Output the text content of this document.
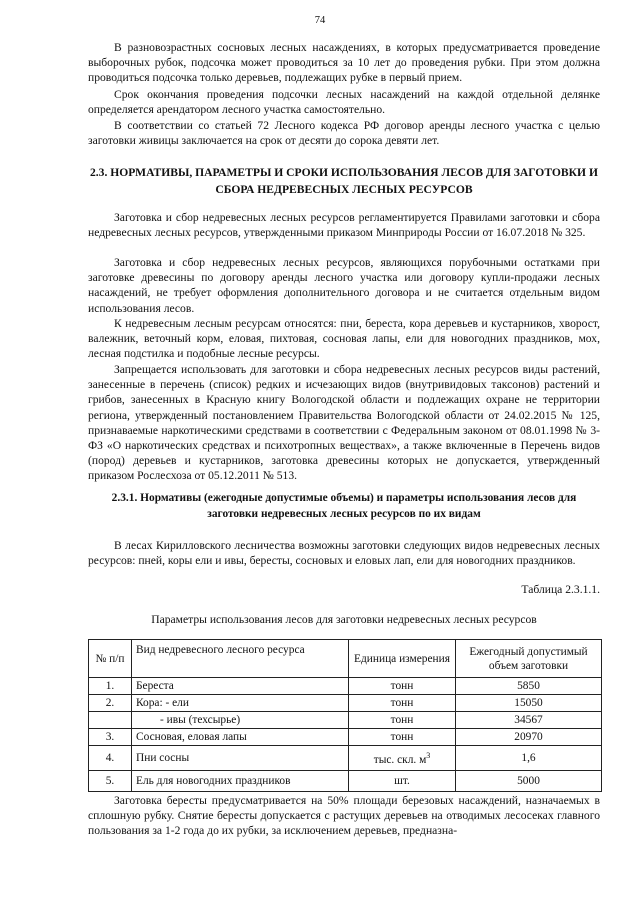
74

В разновозрастных сосновых лесных насаждениях, в которых предусматривается проведение выборочных рубок, подсочка может проводиться за 10 лет до проведения рубки. При этом должна проводиться подсочка только деревьев, подлежащих рубке в первый прием.

Срок окончания проведения подсочки лесных насаждений на каждой отдельной делянке определяется арендатором лесного участка самостоятельно.

В соответствии со статьей 72 Лесного кодекса РФ договор аренды лесного участка с целью заготовки живицы заключается на срок от десяти до сорока девяти лет.

2.3. НОРМАТИВЫ, ПАРАМЕТРЫ И СРОКИ ИСПОЛЬЗОВАНИЯ ЛЕСОВ ДЛЯ ЗАГОТОВКИ И СБОРА НЕДРЕВЕСНЫХ ЛЕСНЫХ РЕСУРСОВ

Заготовка и сбор недревесных лесных ресурсов регламентируется Правилами заготовки и сбора недревесных лесных ресурсов, утвержденными приказом Минприроды России от 16.07.2018 № 325.

Заготовка и сбор недревесных лесных ресурсов, являющихся порубочными остатками при заготовке древесины по договору аренды лесного участка или договору купли-продажи лесных насаждений, не требует оформления дополнительного договора и не считается отдельным видом использования лесов.

К недревесным лесным ресурсам относятся: пни, береста, кора деревьев и кустарников, хворост, валежник, веточный корм, еловая, пихтовая, сосновая лапы, ели для новогодних праздников, мох, лесная подстилка и подобные лесные ресурсы.

Запрещается использовать для заготовки и сбора недревесных лесных ресурсов виды растений, занесенные в перечень (список) редких и исчезающих видов (внутривидовых таксонов) растений и грибов, занесенных в Красную книгу Вологодской области и подлежащих охране не территории региона, утвержденный постановлением Правительства Вологодской области от 24.02.2015 № 125, признаваемые наркотическими средствами в соответствии с Федеральным законом от 08.01.1998 № 3-ФЗ «О наркотических средствах и психотропных веществах», а также включенные в Перечень видов (пород) деревьев и кустарников, заготовка древесины которых не допускается, утвержденный приказом Рослесхоза от 05.12.2011 № 513.

2.3.1. Нормативы (ежегодные допустимые объемы) и параметры использования лесов для заготовки недревесных лесных ресурсов по их видам

В лесах Кирилловского лесничества возможны заготовки следующих видов недревесных лесных ресурсов: пней, коры ели и ивы, бересты, сосновых и еловых лап, ели для новогодних праздников.

Таблица 2.3.1.1.
Параметры использования лесов для заготовки недревесных лесных ресурсов
№ п/п	Вид недревесного лесного ресурса	Единица измерения	Ежегодный допустимый объем заготовки
1.	Береста	тонн	5850
2.	Кора: - ели	тонн	15050
	- ивы (техсырье)	тонн	34567
3.	Сосновая, еловая лапы	тонн	20970
4.	Пни сосны	тыс. скл. $м^3$	1,6
5.	Ель для новогодних праздников	шт.	5000

Заготовка бересты предусматривается на 50% площади березовых насаждений, назначаемых в сплошную рубку. Снятие бересты допускается с растущих деревьев на отводимых лесосеках главного пользования за 1-2 года до их рубки, за исключением деревьев, предназна-
